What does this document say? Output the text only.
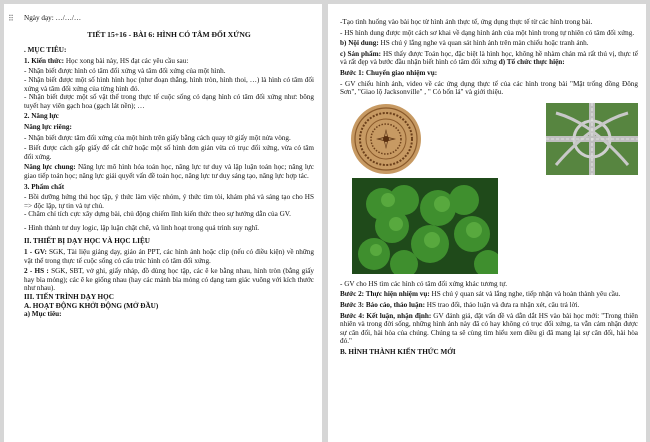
⠿ Ngày dạy: …/…/…

TIẾT 15+16 - BÀI 6: HÌNH CÓ TÂM ĐỐI XỨNG

. MỤC TIÊU:

1. Kiến thức: Học xong bài này, HS đạt các yêu cầu sau:

- Nhận biết được hình có tâm đối xứng và tâm đối xứng của một hình.

- Nhận biết được một số hình hình học (như đoạn thẳng, hình tròn, hình thoi, …) là hình có tâm đối xứng và tâm đối xứng của từng hình đó.

- Nhận biết được một số vật thể trong thực tế cuộc sống có dạng hình có tâm đối xứng như: bông tuyết hay viên gạch hoa (gạch lát nền); …

2. Năng lực

Năng lực riêng:

- Nhận biết được tâm đối xứng của một hình trên giấy bằng cách quay tờ giấy một nửa vòng.

- Biết được cách gấp giấy để cắt chữ hoặc một số hình đơn giản vừa có trục đối xứng, vừa có tâm đối xứng.

Năng lực chung: Năng lực mô hình hóa toán học, năng lực tư duy và lập luận toán học; năng lực giao tiếp toán học; năng lực giải quyết vấn đề toán học, năng lực tư duy sáng tạo, năng lực hợp tác.

3. Phẩm chất

- Bồi dưỡng hứng thú học tập, ý thức làm việc nhóm, ý thức tìm tòi, khám phá và sáng tạo cho HS => độc lập, tự tin và tự chủ.

- Chăm chỉ tích cực xây dựng bài, chủ động chiếm lĩnh kiến thức theo sự hướng dẫn của GV.

- Hình thành tư duy logic, lập luận chặt chẽ, và linh hoạt trong quá trình suy nghĩ.

II. THIẾT BỊ DẠY HỌC VÀ HỌC LIỆU

1 - GV: SGK, Tài liệu giảng dạy, giáo án PPT, các hình ảnh hoặc clip (nếu có điều kiện) về những vật thể trong thực tế cuộc sống có cấu trúc hình có tâm đối xứng.

2 - HS : SGK, SBT, vở ghi, giấy nháp, đồ dùng học tập, các ê ke bằng nhau, hình tròn (bằng giấy hay bìa mỏng); các ê ke giống nhau (hay các mảnh bìa mỏng có dạng tam giác vuông với kích thước như nhau).

III. TIẾN TRÌNH DẠY HỌC

A. HOẠT ĐỘNG KHỞI ĐỘNG (MỞ ĐẦU)

a) Mục tiêu:

-Tạo tình huống vào bài học từ hình ảnh thực tế, ứng dụng thực tế từ các hình trong bài.

- HS hình dung được một cách sơ khai về dạng hình ảnh của một hình trong tự nhiên có tâm đối xứng.

b) Nội dung: HS chú ý lắng nghe và quan sát hình ảnh trên màn chiếu hoặc tranh ảnh.

c) Sản phẩm: HS thấy được Toán học, đặc biệt là hình học, không hề nhàm chán mà rất thú vị, thực tế và rất đẹp và bước đầu nhận biết hình có tâm đối xứng d) Tổ chức thực hiện:

Bước 1: Chuyển giao nhiệm vụ:

- GV chiếu hình ảnh, video về các ứng dụng thực tế của các hình trong bài "Mặt trống đồng Đông Sơn", "Giao lộ Jacksonville" , " Cỏ bốn lá" và giới thiệu.

- GV cho HS tìm các hình có tâm đối xứng khác tương tự.

Bước 2: Thực hiện nhiệm vụ: HS chú ý quan sát và lắng nghe, tiếp nhận và hoàn thành yêu cầu.

Bước 3: Báo cáo, thảo luận: HS trao đổi, thảo luận và đưa ra nhận xét, câu trả lời.

Bước 4: Kết luận, nhận định: GV đánh giá, đặt vấn đề và dẫn dắt HS vào bài học mới: "Trong thiên nhiên và trong đời sống, những hình ảnh này đã có hay không có trục đối xứng, ta vẫn cảm nhận được sự cân đối, hài hòa của chúng. Chúng ta sẽ cùng tìm hiểu xem điều gì đã mang lại sự cân đối, hài hòa đó."

B. HÌNH THÀNH KIẾN THỨC MỚI
